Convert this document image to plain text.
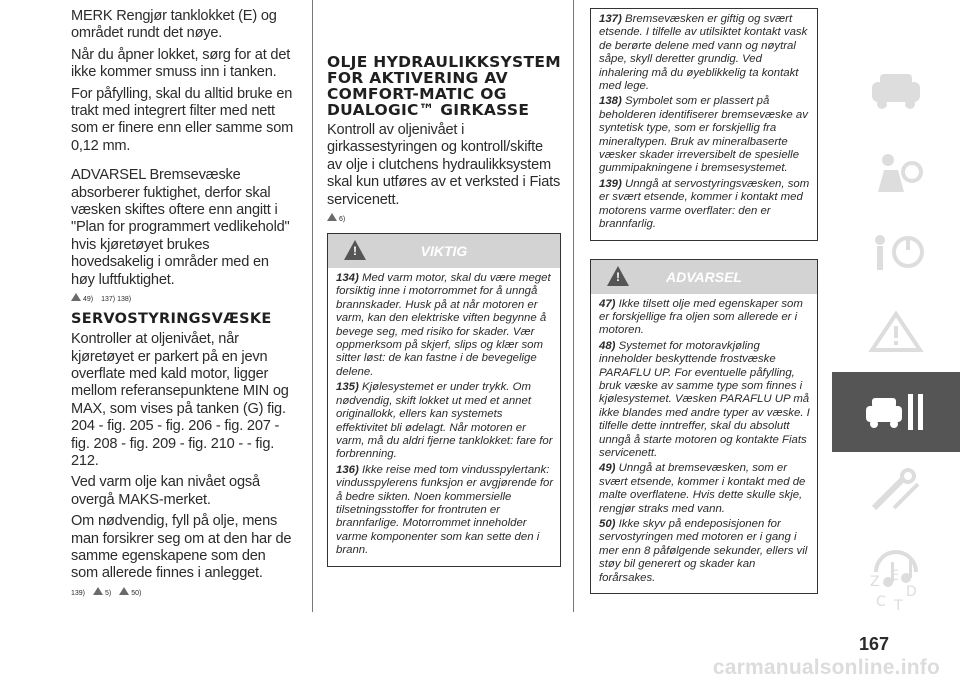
MERK Rengjør tanklokket (E) og området rundt det nøye.

Når du åpner lokket, sørg for at det ikke kommer smuss inn i tanken.

For påfylling, skal du alltid bruke en trakt med integrert filter med nett som er finere enn eller samme som 0,12 mm.

ADVARSEL Bremsevæske absorberer fuktighet, derfor skal væsken skiftes oftere enn angitt i "Plan for programmert vedlikehold" hvis kjøretøyet brukes hovedsakelig i områder med en høy luftfuktighet.

49) 137) 138)
SERVOSTYRINGSVÆSKE

Kontroller at oljenivået, når kjøretøyet er parkert på en jevn overflate med kald motor, ligger mellom referansepunktene MIN og MAX, som vises på tanken (G) fig. 204 - fig. 205 - fig. 206 - fig. 207 - fig. 208 - fig. 209 - fig. 210 - - fig. 212.

Ved varm olje kan nivået også overgå MAKS-merket.

Om nødvendig, fyll på olje, mens man forsikrer seg om at den har de samme egenskapene som den som allerede finnes i anlegget.

139)	5)	50)
OLJE HYDRAULIKKSYSTEM FOR AKTIVERING AV COMFORT-MATIC OG DUALOGIC™ GIRKASSE

Kontroll av oljenivået i girkassestyringen og kontroll/skifte av olje i clutchens hydraulikksystem skal kun utføres av et verksted i Fiats servicenett.

6)
!
VIKTIG

134) Med varm motor, skal du være meget forsiktig inne i motorrommet for å unngå brannskader. Husk på at når motoren er varm, kan den elektriske viften begynne å bevege seg, med risiko for skader. Vær oppmerksom på skjerf, slips og klær som sitter løst: de kan fastne i de bevegelige delene.

135) Kjølesystemet er under trykk. Om nødvendig, skift lokket ut med et annet originallokk, ellers kan systemets effektivitet bli ødelagt. Når motoren er varm, må du aldri fjerne tanklokket: fare for forbrenning.

136) Ikke reise med tom vindusspylertank: vindusspylerens funksjon er avgjørende for å bedre sikten. Noen kommersielle tilsetningsstoffer for frontruten er brannfarlige. Motorrommet inneholder varme komponenter som kan sette den i brann.

137) Bremsevæsken er giftig og svært etsende. I tilfelle av utilsiktet kontakt vask de berørte delene med vann og nøytral såpe, skyll deretter grundig. Ved inhalering må du øyeblikkelig ta kontakt med lege.

138) Symbolet som er plassert på beholderen identifiserer bremsevæske av syntetisk type, som er forskjellig fra mineraltypen. Bruk av mineralbaserte væsker skader irreversibelt de spesielle gummipakningene i bremsesystemet.

139) Unngå at servostyringsvæsken, som er svært etsende, kommer i kontakt med motorens varme overflater: den er brannfarlig.

!
ADVARSEL

47) Ikke tilsett olje med egenskaper som er forskjellige fra oljen som allerede er i motoren.

48) Systemet for motoravkjøling inneholder beskyttende frostvæske PARAFLU UP. For eventuelle påfylling, bruk væske av samme type som finnes i kjølesystemet. Væsken PARAFLU UP må ikke blandes med andre typer av væske. I tilfelle dette inntreffer, skal du absolutt unngå å starte motoren og kontakte Fiats servicenett.

49) Unngå at bremsevæsken, som er svært etsende, kommer i kontakt med de malte overflatene. Hvis dette skulle skje, rengjør straks med vann.

50) Ikke skyv på endeposisjonen for servostyringen med motoren er i gang i mer enn 8 påfølgende sekunder, ellers vil støy bil generert og skader kan forårsakes.	Z E
D
C T
167
carmanualsonline.info
